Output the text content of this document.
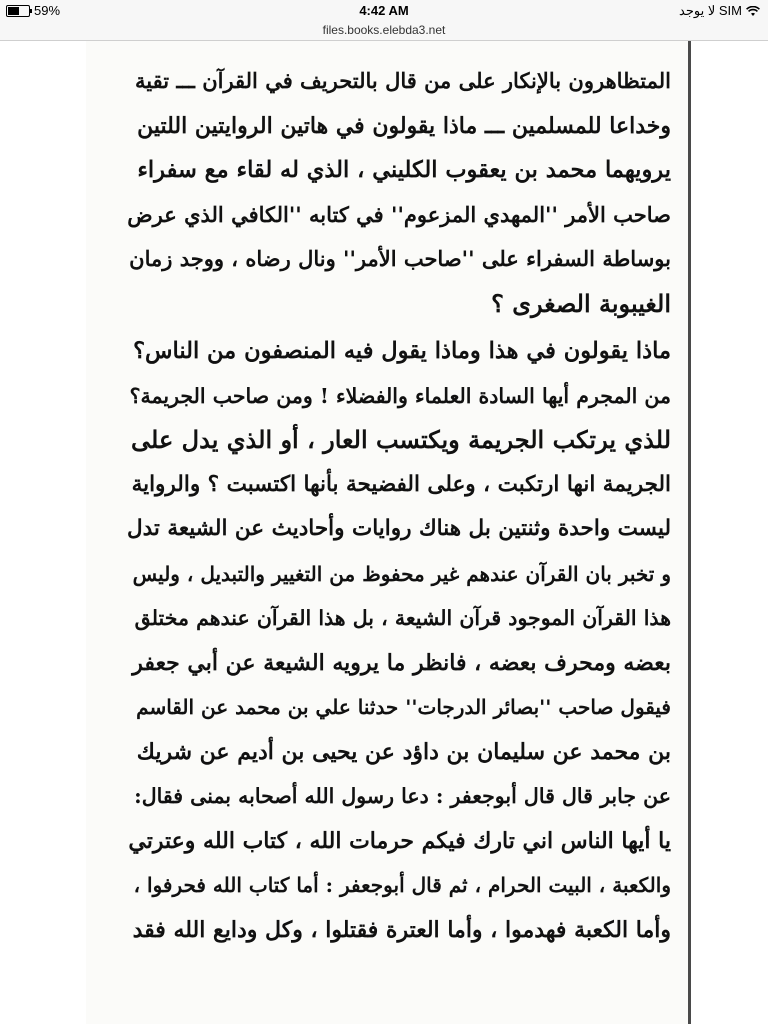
59%	4:42 AM	لا يوجد SIM
files.books.elebda3.net

المتظاهرون بالإنكار على من قال بالتحريف في القرآن ـــ تقية
وخداعا للمسلمين ـــ ماذا يقولون في هاتين الروايتين اللتين
يرويهما محمد بن يعقوب الكليني ، الذي له لقاء مع سفراء
صاحب الأمر ''المهدي المزعوم'' في كتابه ''الكافي الذي عرض
بوساطة السفراء على ''صاحب الأمر'' ونال رضاه ، ووجد زمان
الغيبوبة الصغرى ؟

ماذا يقولون في هذا وماذا يقول فيه المنصفون من الناس؟
من المجرم أيها السادة العلماء والفضلاء ! ومن صاحب الجريمة؟
للذي يرتكب الجريمة ويكتسب العار ، أو الذي يدل على
الجريمة انها ارتكبت ، وعلى الفضيحة بأنها اكتسبت ؟ والرواية
ليست واحدة وثنتين بل هناك روايات وأحاديث عن الشيعة تدل
و تخبر بان القرآن عندهم غير محفوظ من التغيير والتبديل ، وليس
هذا القرآن الموجود قرآن الشيعة ، بل هذا القرآن عندهم مختلق
بعضه ومحرف بعضه ، فانظر ما يرويه الشيعة عن أبي جعفر
فيقول صاحب ''بصائر الدرجات'' حدثنا علي بن محمد عن القاسم
بن محمد عن سليمان بن داؤد عن يحيى بن أديم عن شريك
عن جابر قال قال أبوجعفر : دعا رسول الله أصحابه بمنى فقال:
يا أيها الناس اني تارك فيكم حرمات الله ، كتاب الله وعترتي
والكعبة ، البيت الحرام ، ثم قال أبوجعفر : أما كتاب الله فحرفوا ،
وأما الكعبة فهدموا ، وأما العترة فقتلوا ، وكل ودايع الله فقد
